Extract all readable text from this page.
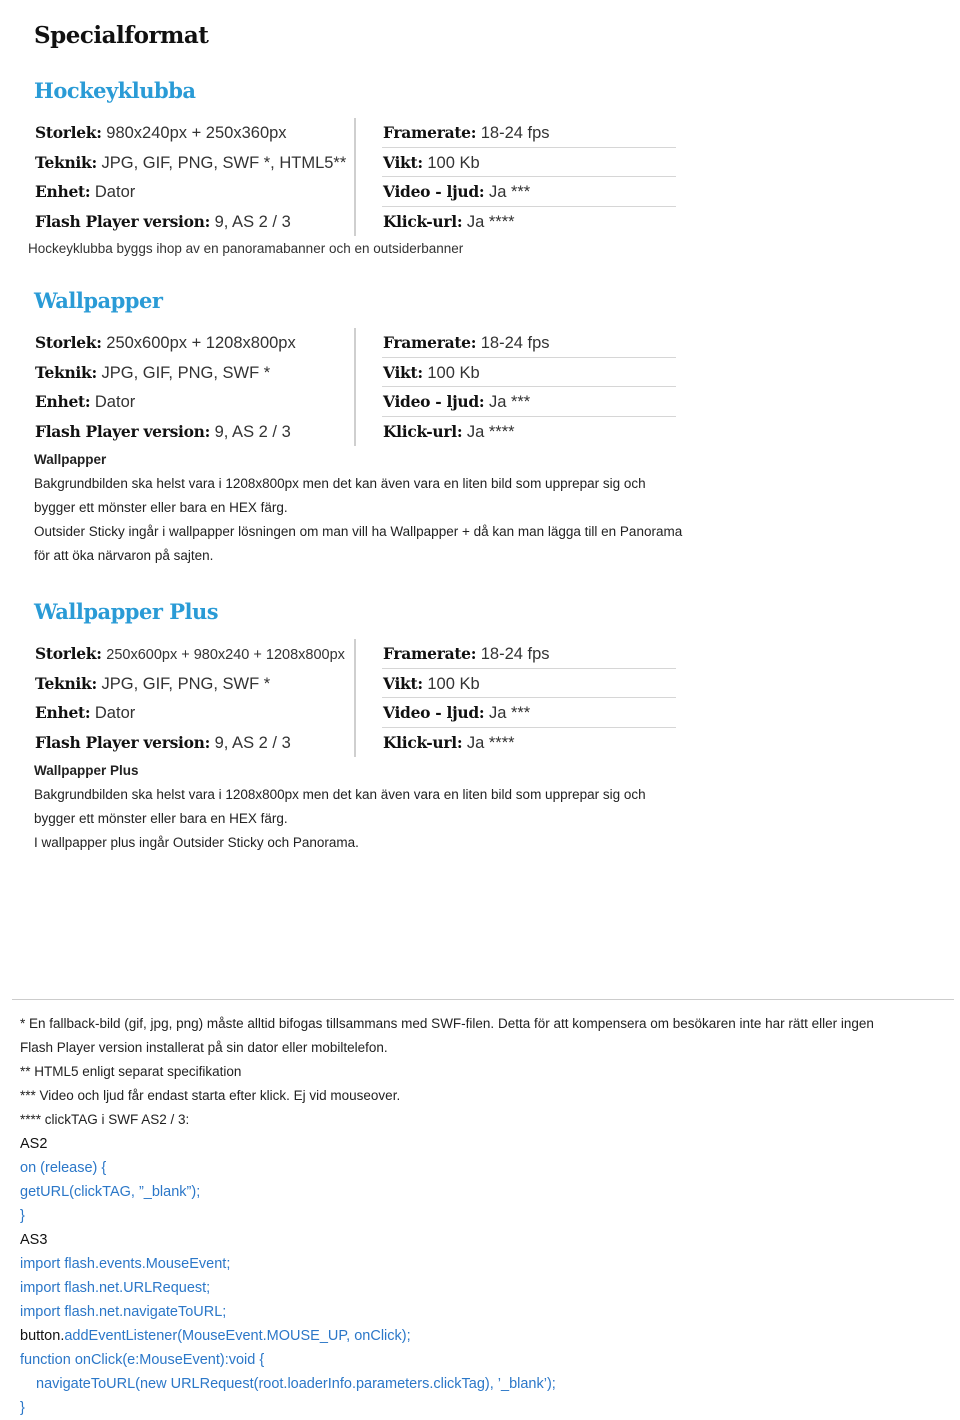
Specialformat
Hockeyklubba
Storlek: 980x240px + 250x360px	Framerate: 18-24 fps
Teknik: JPG, GIF, PNG, SWF *, HTML5**	Vikt: 100 Kb
Enhet: Dator	Video - ljud: Ja ***
Flash Player version: 9, AS 2 / 3	Klick-url: Ja ****
Hockeyklubba byggs ihop av en panoramabanner och en outsiderbanner
Wallpapper
Storlek: 250x600px + 1208x800px	Framerate: 18-24 fps
Teknik: JPG, GIF, PNG, SWF *	Vikt: 100 Kb
Enhet: Dator	Video - ljud: Ja ***
Flash Player version: 9, AS 2 / 3	Klick-url: Ja ****

Wallpapper

Bakgrundbilden ska helst vara i 1208x800px men det kan även vara en liten bild som upprepar sig och

bygger ett mönster eller bara en HEX färg.

Outsider Sticky ingår i wallpapper lösningen om man vill ha Wallpapper + då kan man lägga till en Panorama

för att öka närvaron på sajten.

Wallpapper Plus
Storlek: 250x600px + 980x240 + 1208x800px	Framerate: 18-24 fps
Teknik: JPG, GIF, PNG, SWF *	Vikt: 100 Kb
Enhet: Dator	Video - ljud: Ja ***
Flash Player version: 9, AS 2 / 3	Klick-url: Ja ****

Wallpapper Plus

Bakgrundbilden ska helst vara i 1208x800px men det kan även vara en liten bild som upprepar sig och

bygger ett mönster eller bara en HEX färg.

I wallpapper plus ingår Outsider Sticky och Panorama.

* En fallback-bild (gif, jpg, png) måste alltid bifogas tillsammans med SWF-filen. Detta för att kompensera om besökaren inte har rätt eller ingen

Flash Player version installerat på sin dator eller mobiltelefon.

** HTML5 enligt separat specifikation

*** Video och ljud får endast starta efter klick. Ej vid mouseover.

**** clickTAG i SWF AS2 / 3:

AS2

on (release) {

getURL(clickTAG, ”_blank”);

}

AS3

import flash.events.MouseEvent;

import flash.net.URLRequest;

import flash.net.navigateToURL;

button.addEventListener(MouseEvent.MOUSE_UP, onClick);

function onClick(e:MouseEvent):void {

navigateToURL(new URLRequest(root.loaderInfo.parameters.clickTag), ’_blank’);

}
